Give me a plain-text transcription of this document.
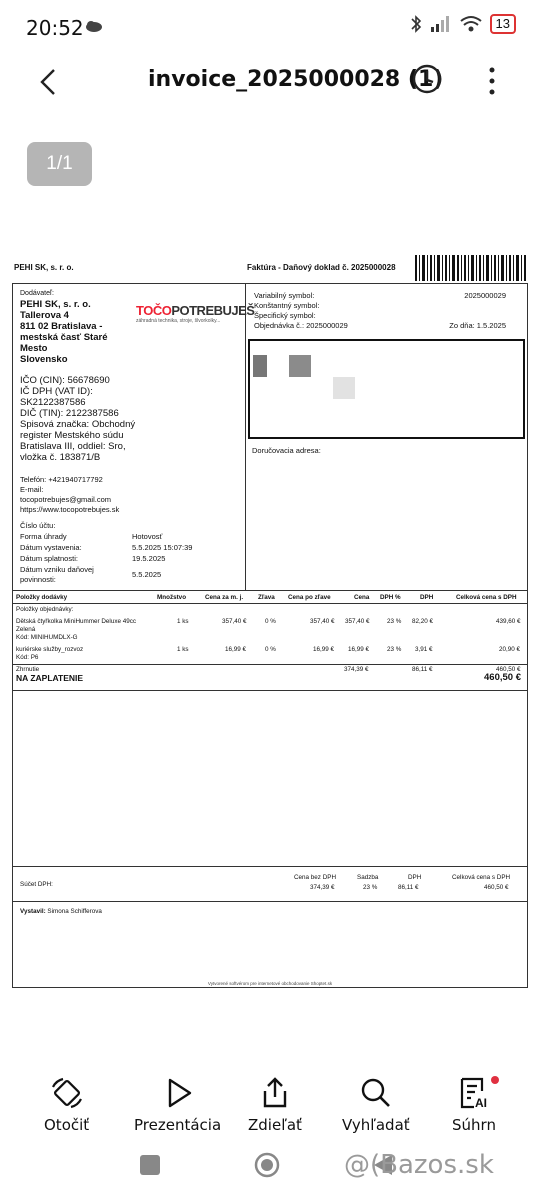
20:52	13
invoice_2025000028 (1)
1/1
PEHI SK, s. r. o.	Faktúra - Daňový doklad č. 2025000028
Dodávateľ:
PEHI SK, s. r. o.
Tallerova 4
811 02 Bratislava -
mestská časť Staré
Mesto
Slovensko
TOČOPOTREBUJEŠ
záhradná technika, stroje, šlvorkolky...
IČO (CIN): 56678690
IČ DPH (VAT ID):
SK2122387586
DIČ (TIN): 2122387586
Spisová značka: Obchodný
register Mestského súdu
Bratislava III, oddiel: Sro,
vložka č. 183871/B
Telefón: +421940717792
E-mail:
tocopotrebujes@gmail.com
https://www.tocopotrebujes.sk
Číslo účtu:
Forma úhrady	Hotovosť
Dátum vystavenia:	5.5.2025 15:07:39
Dátum splatnosti:	19.5.2025
Dátum vzniku daňovej povinnosti:
5.5.2025
Variabilný symbol:	2025000029
Konštantný symbol:
Špecifický symbol:
Objednávka č.: 2025000029	Zo dňa: 1.5.2025
Doručovacia adresa:
Položky dodávky	Množstvo	Cena za m. j. Zľava Cena po zľave	Cena DPH %	DPH	Celková cena s DPH
Položky objednávky:
Dětská čtyřkolka MiniHummer Deluxe 49cc
Zelená
Kód: MINIHUMDLX-G
1 ks	357,40 €	0 %	357,40 € 357,40 €	23 % 82,20 €	439,60 €
kuriérske služby_rozvoz
Kód: P6
1 ks	16,99 €	0 %	16,99 € 16,99 €	23 % 3,91 €	20,90 €
Zhrnutie	374,39 €	86,11 €	460,50 €
NA ZAPLATENIE	460,50 €
Súčet DPH:
Cena bez DPH	Sadzba	DPH	Celková cena s DPH
374,39 €	23 %	86,11 €	460,50 €
Vystavil: Simona Schifferova
Vytvorené softvérom pre internetové obchodovanie Shoptet.sk
Otočiť	Prezentácia Zdieľať	Vyhľadať
AI
Súhrn
@(Bazos.sk
